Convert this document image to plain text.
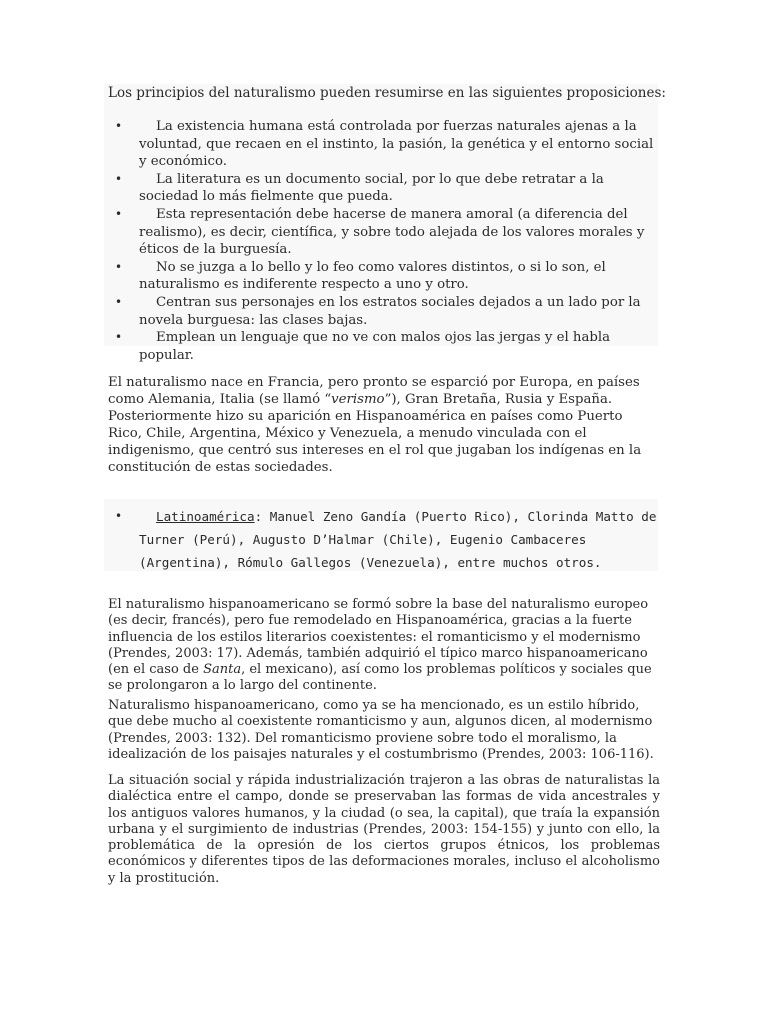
Los principios del naturalismo pueden resumirse en las siguientes proposiciones:
• La existencia humana está controlada por fuerzas naturales ajenas a la voluntad, que recaen en el instinto, la pasión, la genética y el entorno social y económico.
• La literatura es un documento social, por lo que debe retratar a la sociedad lo más fielmente que pueda.
• Esta representación debe hacerse de manera amoral (a diferencia del realismo), es decir, científica, y sobre todo alejada de los valores morales y éticos de la burguesía.
• No se juzga a lo bello y lo feo como valores distintos, o si lo son, el naturalismo es indiferente respecto a uno y otro.
• Centran sus personajes en los estratos sociales dejados a un lado por la novela burguesa: las clases bajas.
• Emplean un lenguaje que no ve con malos ojos las jergas y el habla popular.

El naturalismo nace en Francia, pero pronto se esparció por Europa, en países como Alemania, Italia (se llamó “verismo”), Gran Bretaña, Rusia y España. Posteriormente hizo su aparición en Hispanoamérica en países como Puerto Rico, Chile, Argentina, México y Venezuela, a menudo vinculada con el indigenismo, que centró sus intereses en el rol que jugaban los indígenas en la constitución de estas sociedades.

• Latinoamérica: Manuel Zeno Gandía (Puerto Rico), Clorinda Matto de Turner (Perú), Augusto D’Halmar (Chile), Eugenio Cambaceres (Argentina), Rómulo Gallegos (Venezuela), entre muchos otros.

El naturalismo hispanoamericano se formó sobre la base del naturalismo europeo (es decir, francés), pero fue remodelado en Hispanoamérica, gracias a la fuerte influencia de los estilos literarios coexistentes: el romanticismo y el modernismo (Prendes, 2003: 17). Además, también adquirió el típico marco hispanoamericano (en el caso de Santa, el mexicano), así como los problemas políticos y sociales que se prolongaron a lo largo del continente.

Naturalismo hispanoamericano, como ya se ha mencionado, es un estilo híbrido, que debe mucho al coexistente romanticismo y aun, algunos dicen, al modernismo (Prendes, 2003: 132). Del romanticismo proviene sobre todo el moralismo, la idealización de los paisajes naturales y el costumbrismo (Prendes, 2003: 106-116).

La situación social y rápida industrialización trajeron a las obras de naturalistas la dialéctica entre el campo, donde se preservaban las formas de vida ancestrales y los antiguos valores humanos, y la ciudad (o sea, la capital), que traía la expansión urbana y el surgimiento de industrias (Prendes, 2003: 154-155) y junto con ello, la problemática de la opresión de los ciertos grupos étnicos, los problemas económicos y diferentes tipos de las deformaciones morales, incluso el alcoholismo y la prostitución.
